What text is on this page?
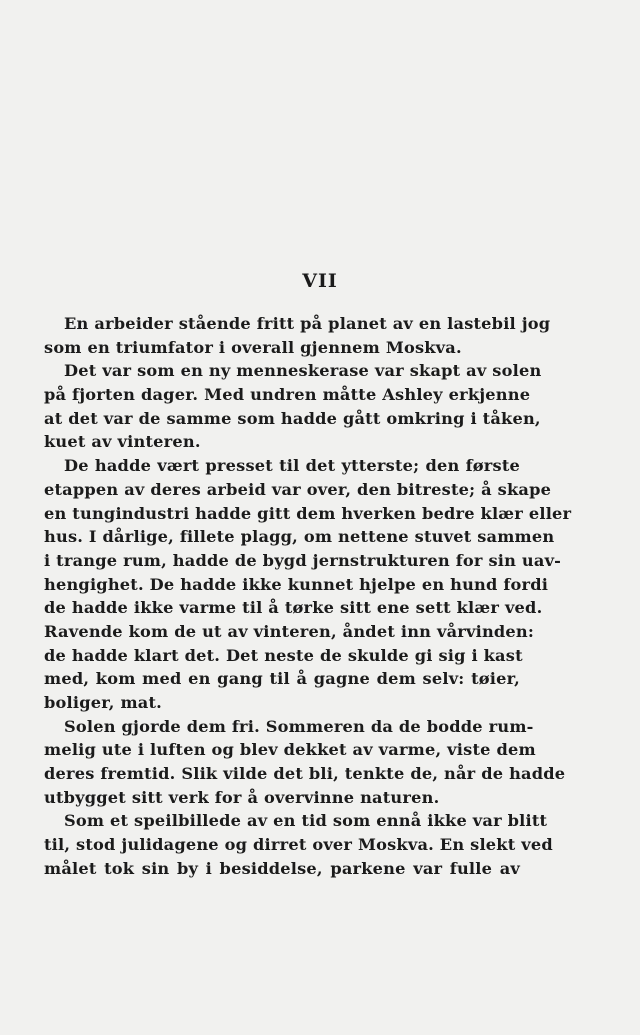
VII
En arbeider stående fritt på planet av en lastebil jog
som en triumfator i overall gjennem Moskva.
Det var som en ny menneskerase var skapt av solen
på fjorten dager. Med undren måtte Ashley erkjenne
at det var de samme som hadde gått omkring i tåken,
kuet av vinteren.
De hadde vært presset til det ytterste; den første
etappen av deres arbeid var over, den bitreste; å skape
en tungindustri hadde gitt dem hverken bedre klær eller
hus. I dårlige, fillete plagg, om nettene stuvet sammen
i trange rum, hadde de bygd jernstrukturen for sin uav-
hengighet. De hadde ikke kunnet hjelpe en hund fordi
de hadde ikke varme til å tørke sitt ene sett klær ved.
Ravende kom de ut av vinteren, åndet inn vårvinden:
de hadde klart det. Det neste de skulde gi sig i kast
med, kom med en gang til å gagne dem selv: tøier,
boliger, mat.
Solen gjorde dem fri. Sommeren da de bodde rum-
melig ute i luften og blev dekket av varme, viste dem
deres fremtid. Slik vilde det bli, tenkte de, når de hadde
utbygget sitt verk for å overvinne naturen.
Som et speilbillede av en tid som ennå ikke var blitt
til, stod julidagene og dirret over Moskva. En slekt ved
målet tok sin by i besiddelse, parkene var fulle av
